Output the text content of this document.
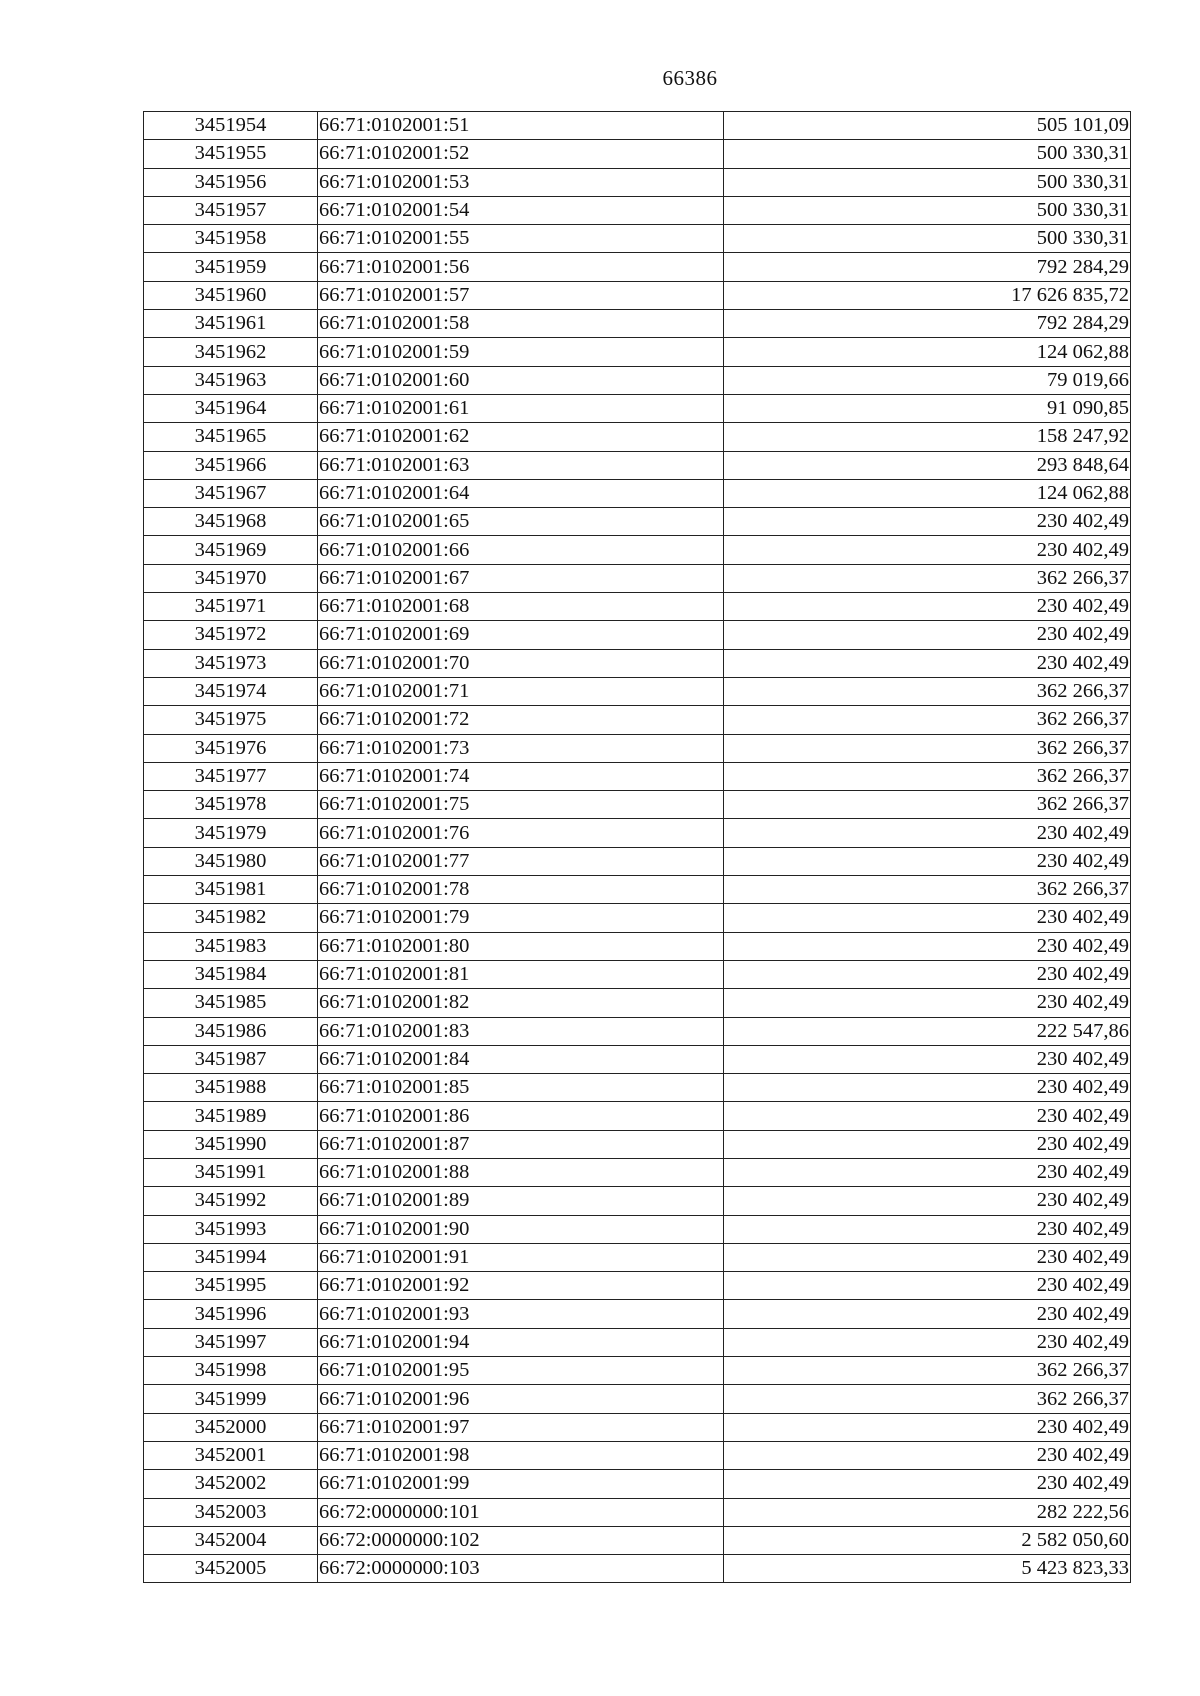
66386
3451954	66:71:0102001:51	505 101,09
3451955	66:71:0102001:52	500 330,31
3451956	66:71:0102001:53	500 330,31
3451957	66:71:0102001:54	500 330,31
3451958	66:71:0102001:55	500 330,31
3451959	66:71:0102001:56	792 284,29
3451960	66:71:0102001:57	17 626 835,72
3451961	66:71:0102001:58	792 284,29
3451962	66:71:0102001:59	124 062,88
3451963	66:71:0102001:60	79 019,66
3451964	66:71:0102001:61	91 090,85
3451965	66:71:0102001:62	158 247,92
3451966	66:71:0102001:63	293 848,64
3451967	66:71:0102001:64	124 062,88
3451968	66:71:0102001:65	230 402,49
3451969	66:71:0102001:66	230 402,49
3451970	66:71:0102001:67	362 266,37
3451971	66:71:0102001:68	230 402,49
3451972	66:71:0102001:69	230 402,49
3451973	66:71:0102001:70	230 402,49
3451974	66:71:0102001:71	362 266,37
3451975	66:71:0102001:72	362 266,37
3451976	66:71:0102001:73	362 266,37
3451977	66:71:0102001:74	362 266,37
3451978	66:71:0102001:75	362 266,37
3451979	66:71:0102001:76	230 402,49
3451980	66:71:0102001:77	230 402,49
3451981	66:71:0102001:78	362 266,37
3451982	66:71:0102001:79	230 402,49
3451983	66:71:0102001:80	230 402,49
3451984	66:71:0102001:81	230 402,49
3451985	66:71:0102001:82	230 402,49
3451986	66:71:0102001:83	222 547,86
3451987	66:71:0102001:84	230 402,49
3451988	66:71:0102001:85	230 402,49
3451989	66:71:0102001:86	230 402,49
3451990	66:71:0102001:87	230 402,49
3451991	66:71:0102001:88	230 402,49
3451992	66:71:0102001:89	230 402,49
3451993	66:71:0102001:90	230 402,49
3451994	66:71:0102001:91	230 402,49
3451995	66:71:0102001:92	230 402,49
3451996	66:71:0102001:93	230 402,49
3451997	66:71:0102001:94	230 402,49
3451998	66:71:0102001:95	362 266,37
3451999	66:71:0102001:96	362 266,37
3452000	66:71:0102001:97	230 402,49
3452001	66:71:0102001:98	230 402,49
3452002	66:71:0102001:99	230 402,49
3452003	66:72:0000000:101	282 222,56
3452004	66:72:0000000:102	2 582 050,60
3452005	66:72:0000000:103	5 423 823,33
